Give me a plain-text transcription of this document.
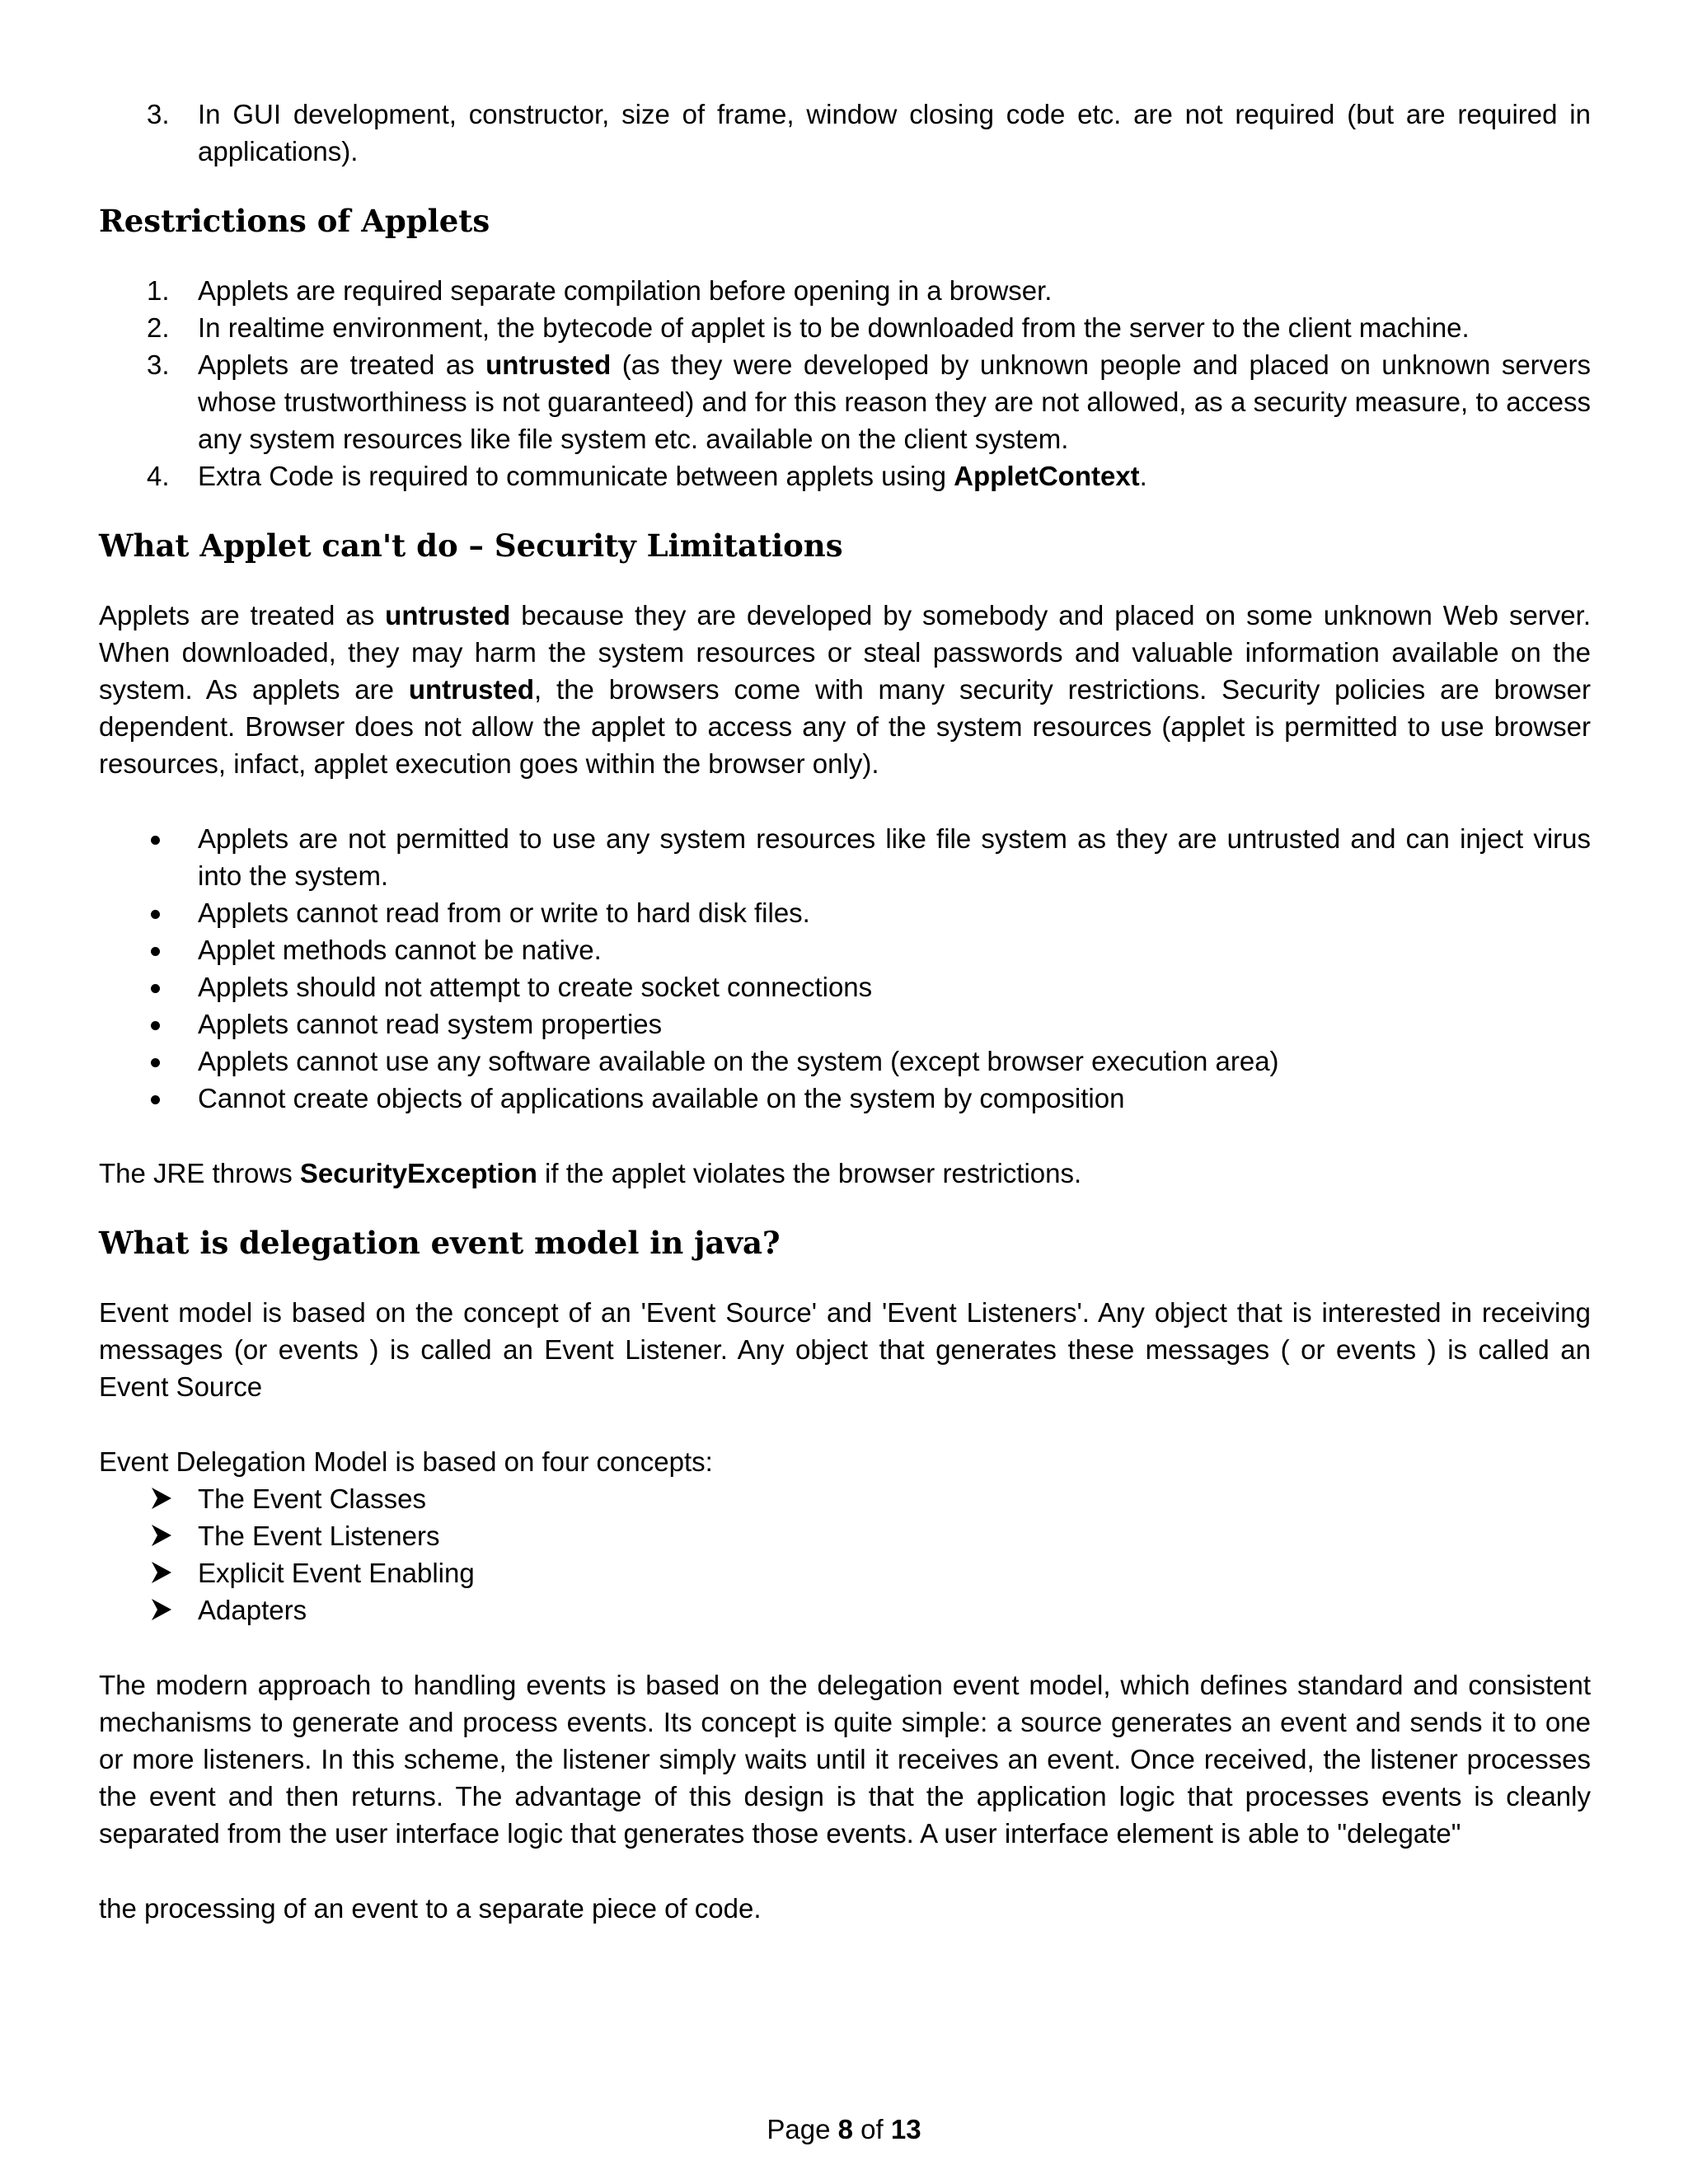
3. In GUI development, constructor, size of frame, window closing code etc. are not required (but are required in applications).
Restrictions of Applets
1. Applets are required separate compilation before opening in a browser.
2. In realtime environment, the bytecode of applet is to be downloaded from the server to the client machine.
3. Applets are treated as untrusted (as they were developed by unknown people and placed on unknown servers whose trustworthiness is not guaranteed) and for this reason they are not allowed, as a security measure, to access any system resources like file system etc. available on the client system.
4. Extra Code is required to communicate between applets using AppletContext.
What Applet can't do – Security Limitations

Applets are treated as untrusted because they are developed by somebody and placed on some unknown Web server. When downloaded, they may harm the system resources or steal passwords and valuable information available on the system. As applets are untrusted, the browsers come with many security restrictions. Security policies are browser dependent. Browser does not allow the applet to access any of the system resources (applet is permitted to use browser resources, infact, applet execution goes within the browser only).

Applets are not permitted to use any system resources like file system as they are untrusted and can inject virus into the system.
Applets cannot read from or write to hard disk files.
Applet methods cannot be native.
Applets should not attempt to create socket connections
Applets cannot read system properties
Applets cannot use any software available on the system (except browser execution area)
Cannot create objects of applications available on the system by composition

The JRE throws SecurityException if the applet violates the browser restrictions.

What is delegation event model in java?

Event model is based on the concept of an 'Event Source' and 'Event Listeners'. Any object that is interested in receiving messages (or events ) is called an Event Listener. Any object that generates these messages ( or events ) is called an Event Source

Event Delegation Model is based on four concepts:

The Event Classes
The Event Listeners
Explicit Event Enabling
Adapters

The modern approach to handling events is based on the delegation event model, which defines standard and consistent mechanisms to generate and process events. Its concept is quite simple: a source generates an event and sends it to one or more listeners. In this scheme, the listener simply waits until it receives an event. Once received, the listener processes the event and then returns. The advantage of this design is that the application logic that processes events is cleanly separated from the user interface logic that generates those events. A user interface element is able to "delegate"

the processing of an event to a separate piece of code.

Page 8 of 13
